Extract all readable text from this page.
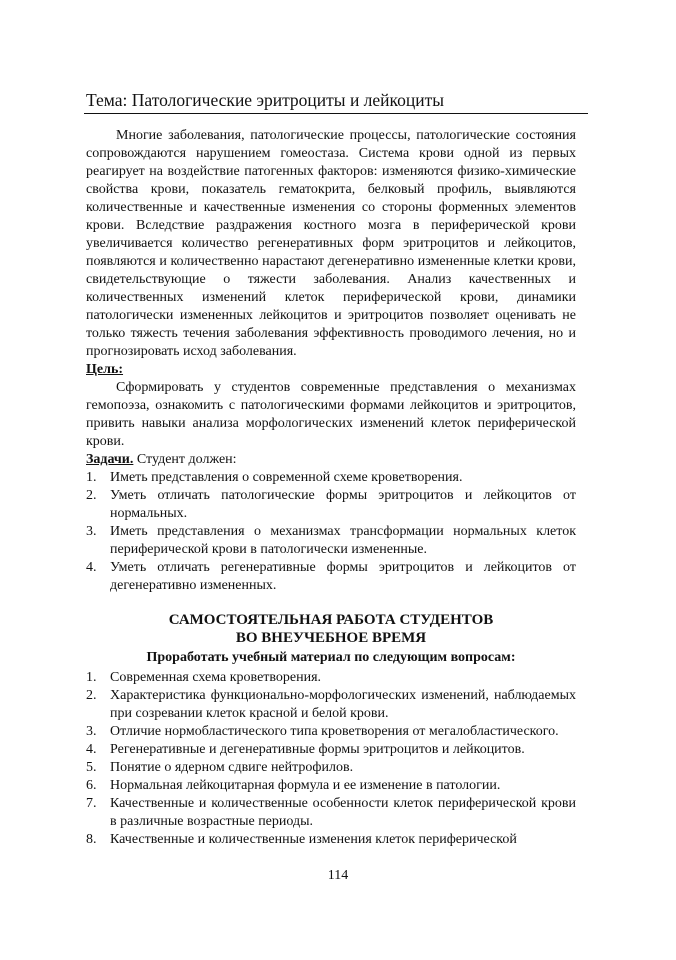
Тема: Патологические эритроциты и лейкоциты

Многие заболевания, патологические процессы, патологические состояния сопровождаются нарушением гомеостаза. Система крови одной из первых реагирует на воздействие патогенных факторов: изменяются физико-химические свойства крови, показатель гематокрита, белковый профиль, выявляются количественные и качественные изменения со стороны форменных элементов крови. Вследствие раздражения костного мозга в периферической крови увеличивается количество регенеративных форм эритроцитов и лейкоцитов, появляются и количественно нарастают дегенеративно измененные клетки крови, свидетельствующие о тяжести заболевания. Анализ качественных и количественных изменений клеток периферической крови, динамики патологически измененных лейкоцитов и эритроцитов позволяет оценивать не только тяжесть течения заболевания эффективность проводимого лечения, но и прогнозировать исход заболевания.

Цель:

Сформировать у студентов современные представления о механизмах гемопоэза, ознакомить с патологическими формами лейкоцитов и эритроцитов, привить навыки анализа морфологических изменений клеток периферической крови.

Задачи. Студент должен:

1. Иметь представления о современной схеме кроветворения.
2. Уметь отличать патологические формы эритроцитов и лейкоцитов от нормальных.
3. Иметь представления о механизмах трансформации нормальных клеток периферической крови в патологически измененные.
4. Уметь отличать регенеративные формы эритроцитов и лейкоцитов от дегенеративно измененных.
САМОСТОЯТЕЛЬНАЯ РАБОТА СТУДЕНТОВ
ВО ВНЕУЧЕБНОЕ ВРЕМЯ
Проработать учебный материал по следующим вопросам:
1. Современная схема кроветворения.
2. Характеристика функционально-морфологических изменений, наблюдаемых при созревании клеток красной и белой крови.
3. Отличие нормобластического типа кроветворения от мегалобластического.
4. Регенеративные и дегенеративные формы эритроцитов и лейкоцитов.
5. Понятие о ядерном сдвиге нейтрофилов.
6. Нормальная лейкоцитарная формула и ее изменение в патологии.
7. Качественные и количественные особенности клеток периферической крови в различные возрастные периоды.
8. Качественные и количественные изменения клеток периферической
114
